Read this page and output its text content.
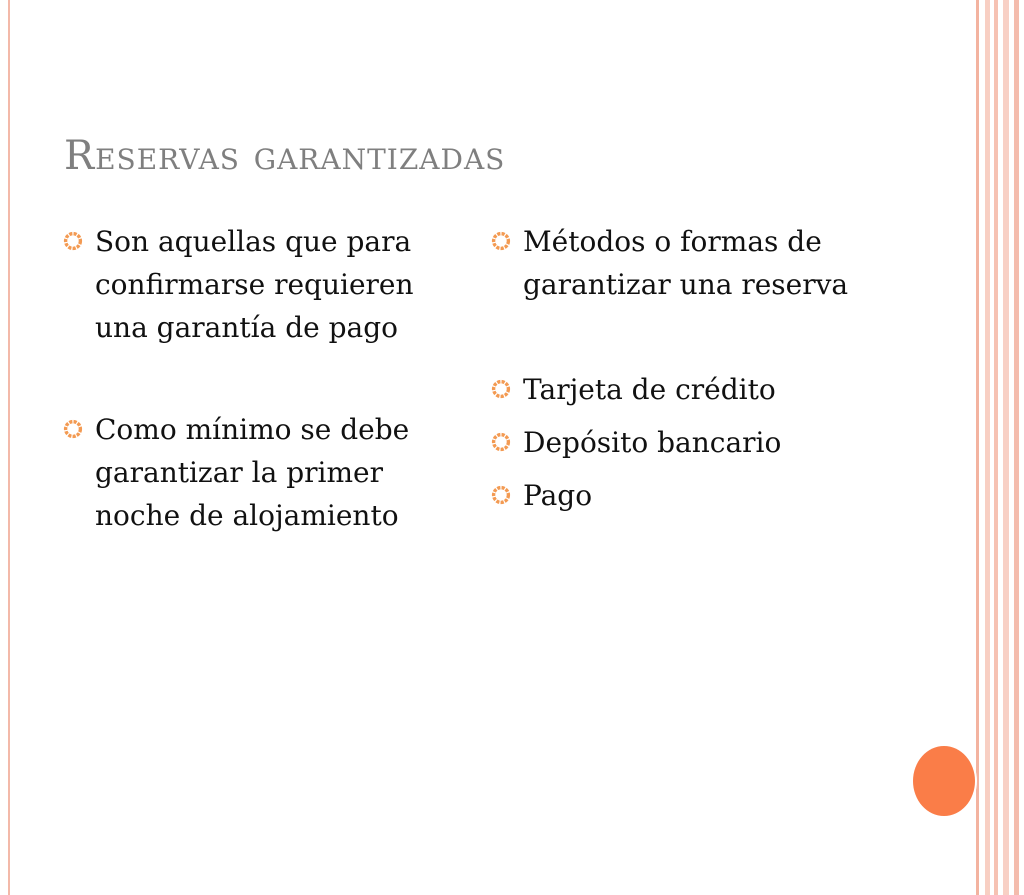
Reservas garantizadas
Son aquellas que para confirmarse requieren una garantía de pago
Como mínimo se debe garantizar la primer noche de alojamiento
Métodos o formas de garantizar una reserva
Tarjeta de crédito
Depósito bancario
Pago
